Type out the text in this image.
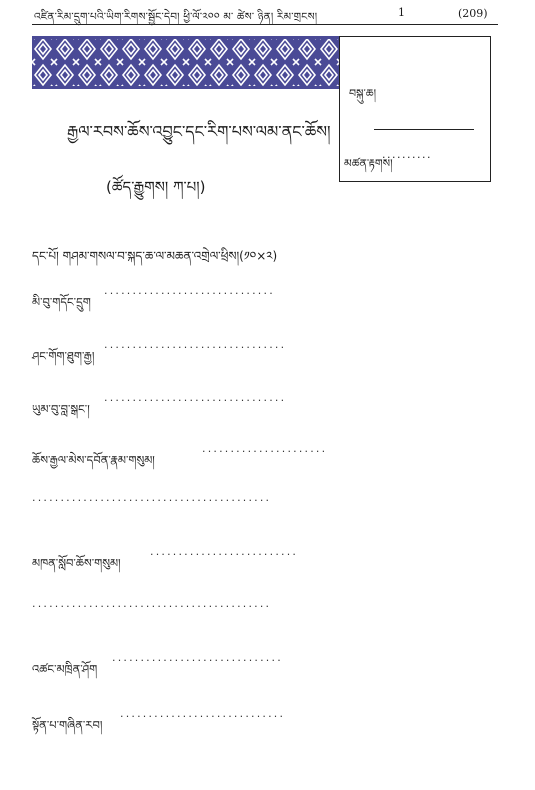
འཛིན་རིམ་དྲུག་པའི་ཡིག་རིགས་སྦྱོང་དེབ། ཕྱི་ལོ་༢༠༠ མ་ ཚེས་ ཉིན། རིམ་གྲངས།	1	(209)
བསྐུ་ཆ།
མཚན་རྟགས།
··········
རྒྱལ་རབས་ཆོས་འབྱུང་དང་རིག་པས་ལམ་ནང་ཆོས།
(ཚོད་རྒྱུགས། ཀ་པ།)
དང་པོ། གཤམ་གསལ་བ་སྐད་ཆ་ལ་མཆན་འགྲེལ་ཕྲིས།(༡༠×༢)
མི་བུ་གདོང་དྲུག
······························
ཤང་གོག་ཐུག་རྒྱ།
································
ཡུམ་བུ་བླ་སྒང་།
································
ཆོས་རྒྱལ་མེས་དབོན་རྣམ་གསུམ།
······················
··········································
མཁན་སློབ་ཆོས་གསུམ།
··························
··········································
འཚང་མཁྲིན་ཤོག
······························
སྟོན་པ་གཞིན་རབ།
·····························
